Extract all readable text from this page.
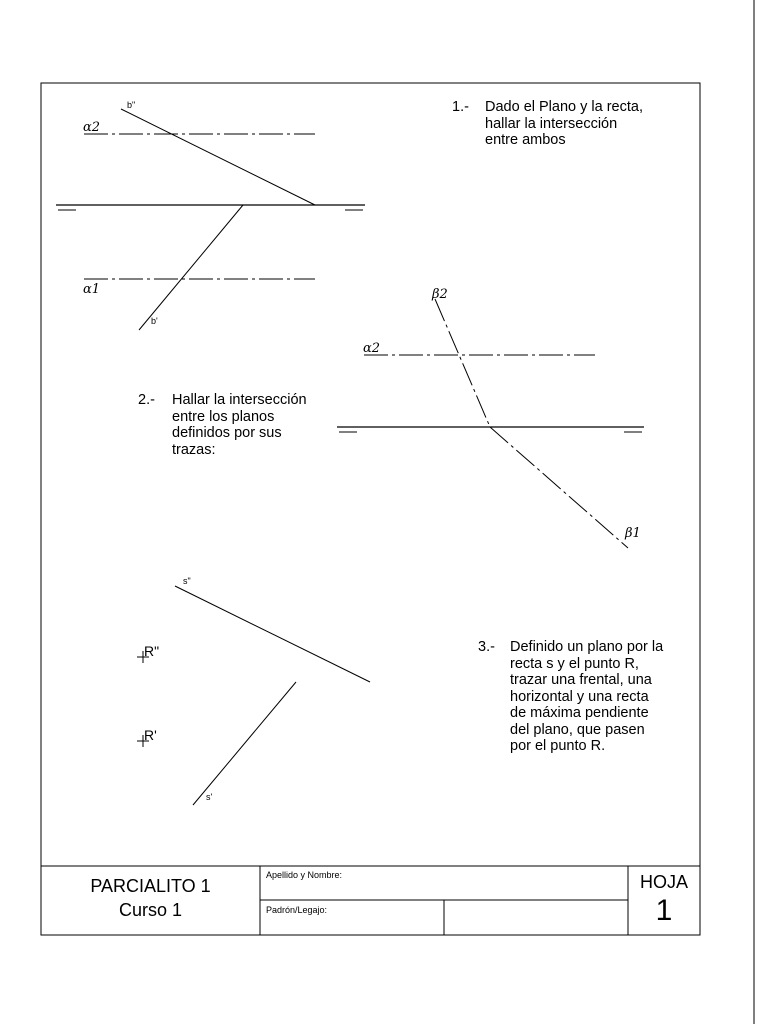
b"
b'
α2
α1	β2
β1
α2
s"
s'
R"
R'
1.- Dado el Plano y la recta,
hallar la intersección
entre ambos
2.- Hallar la intersección
entre los planos
definidos por sus
trazas:
3.- Definido un plano por la
recta s y el punto R,
trazar una frental, una
horizontal y una recta
de máxima pendiente
del plano, que pasen
por el punto R.
PARCIALITO 1
Curso 1
Apellido y Nombre:
Padrón/Legajo:
HOJA
1
